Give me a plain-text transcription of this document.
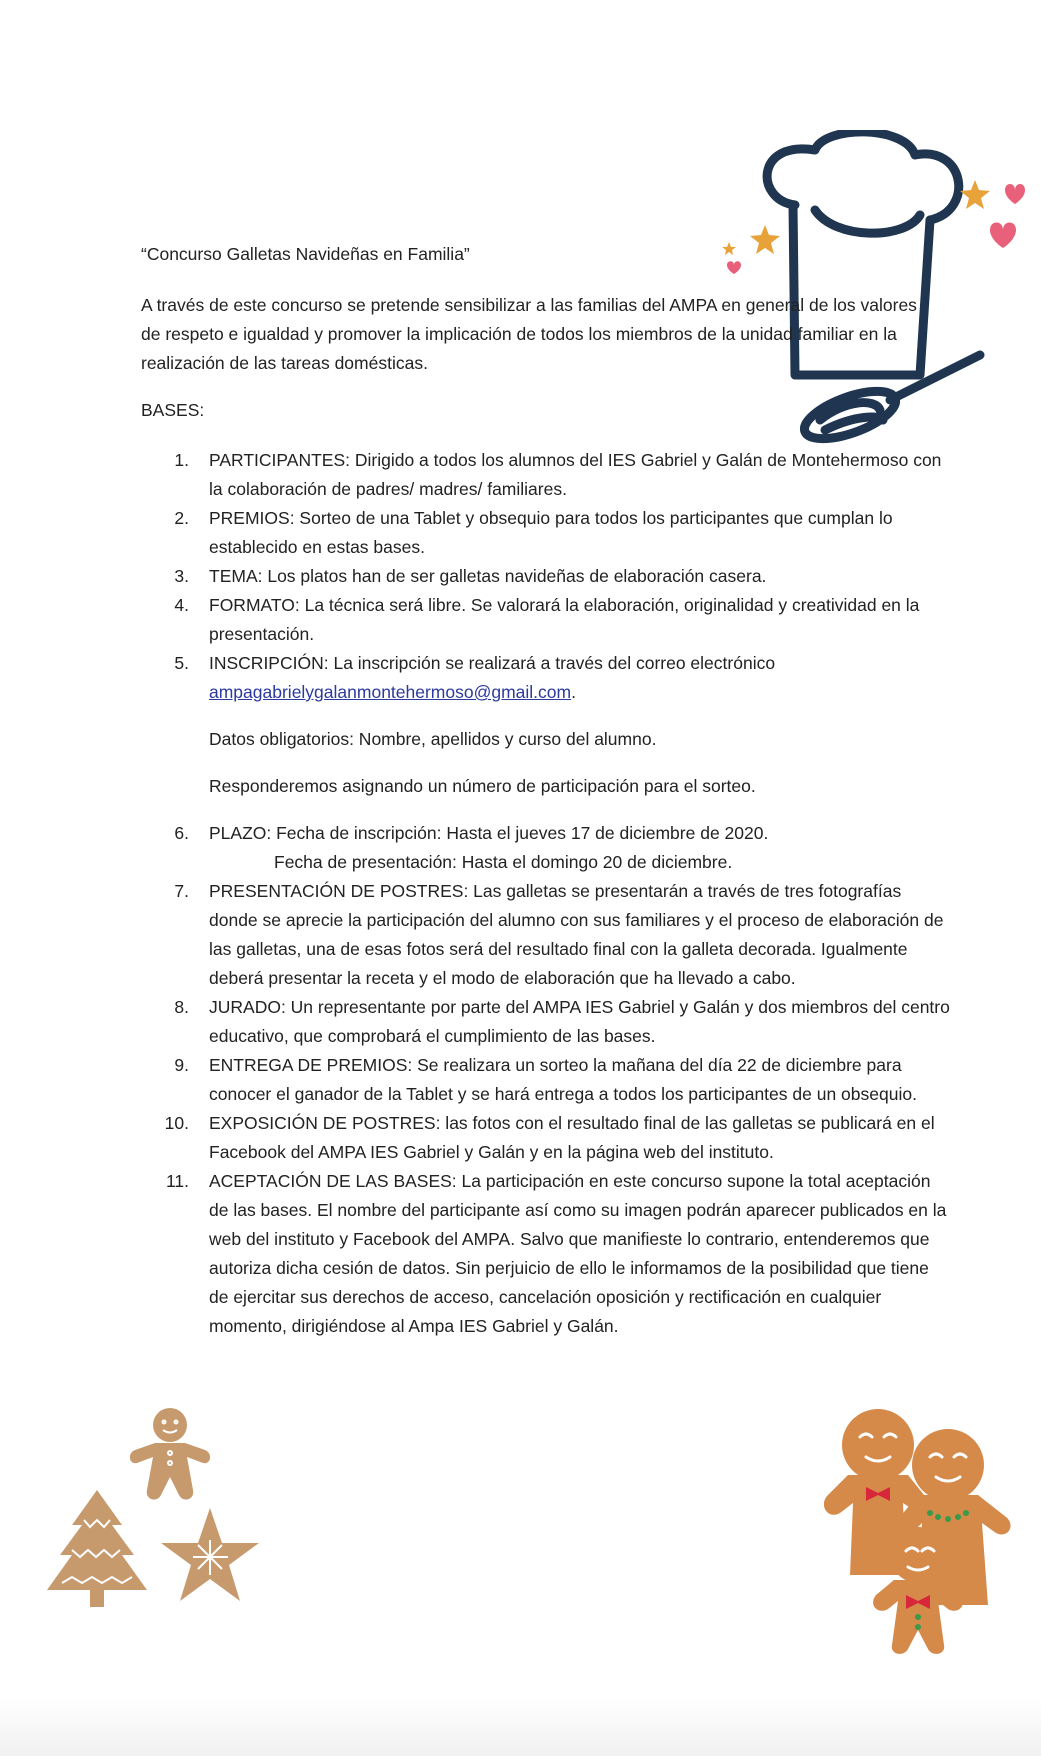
“Concurso Galletas Navideñas en Familia”
A través de este concurso se pretende sensibilizar a las familias del AMPA en general de los valores de respeto e igualdad y promover la implicación de todos los miembros de la unidad familiar en la realización de las tareas domésticas.
BASES:
1. PARTICIPANTES: Dirigido a todos los alumnos del IES Gabriel y Galán de Montehermoso con la colaboración de padres/ madres/ familiares.
2. PREMIOS: Sorteo de una Tablet y obsequio para todos los participantes que cumplan lo establecido en estas bases.
3. TEMA: Los platos han de ser galletas navideñas de elaboración casera.
4. FORMATO: La técnica será libre. Se valorará la elaboración, originalidad y creatividad en la presentación.
5. INSCRIPCIÓN: La inscripción se realizará a través del correo electrónico
ampagabrielygalanmontehermoso@gmail.com.
Datos obligatorios: Nombre, apellidos y curso del alumno.
Responderemos asignando un número de participación para el sorteo.
6. PLAZO: Fecha de inscripción: Hasta el jueves 17 de diciembre de 2020.
Fecha de presentación: Hasta el domingo 20 de diciembre.
7. PRESENTACIÓN DE POSTRES: Las galletas se presentarán a través de tres fotografías donde se aprecie la participación del alumno con sus familiares y el proceso de elaboración de las galletas, una de esas fotos será del resultado final con la galleta decorada. Igualmente deberá presentar la receta y el modo de elaboración que ha llevado a cabo.
8. JURADO: Un representante por parte del AMPA IES Gabriel y Galán y dos miembros del centro educativo, que comprobará el cumplimiento de las bases.
9. ENTREGA DE PREMIOS: Se realizara un sorteo la mañana del día 22 de diciembre para conocer el ganador de la Tablet y se hará entrega a todos los participantes de un obsequio.
10. EXPOSICIÓN DE POSTRES: las fotos con el resultado final de las galletas se publicará en el Facebook del AMPA IES Gabriel y Galán y en la página web del instituto.
11. ACEPTACIÓN DE LAS BASES: La participación en este concurso supone la total aceptación de las bases. El nombre del participante así como su imagen podrán aparecer publicados en la web del instituto y Facebook del AMPA. Salvo que manifieste lo contrario, entenderemos que autoriza dicha cesión de datos. Sin perjuicio de ello le informamos de la posibilidad que tiene de ejercitar sus derechos de acceso, cancelación oposición y rectificación en cualquier momento, dirigiéndose al Ampa IES Gabriel y Galán.
